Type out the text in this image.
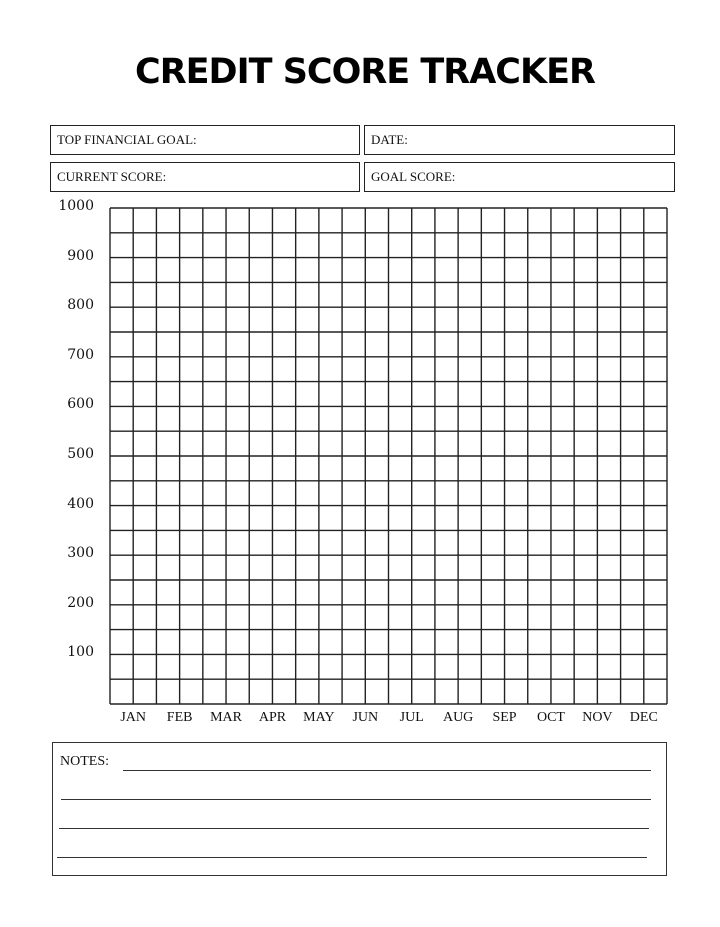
CREDIT SCORE TRACKER
TOP FINANCIAL GOAL:	DATE:
CURRENT SCORE:	GOAL SCORE:
1000
900
800
700
600
500
400
300
200
100
JAN	FEB	MAR	APR	MAY	JUN	JUL	AUG	SEP	OCT	NOV	DEC
NOTES:
